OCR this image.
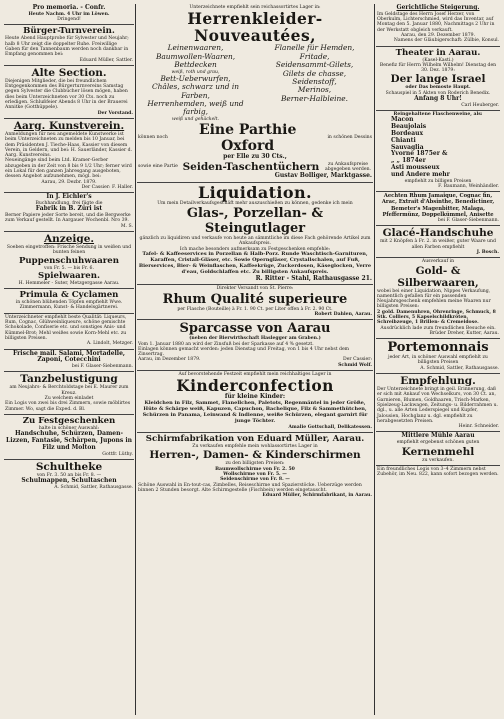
Pro memoria. - Confr.
Heute Nachm. 4 Uhr im Löwen.
Dringend!
Bürger-Turnverein.
Heute Abend Hauptprobe für Sylvester und Neujahr; halb 8 Uhr zeigt die doppelter Ruhe. Freiwillige Gaben für den Tannenbaum werden noch dankbar in Empfang genommen bei:
Eduard Müller, Sattler.
Alte Section.
Diejenigen Mitglieder, die bei freundlichem Entgegenkommen des Bürgerturnvereins Samstag gegen Sylvester die Clubbücher lösen mögen, haben dies beim Unterzeichneten vor 30 Cts. noch zu erledigen. Schlußfeier Abends 8 Uhr in der Brauerei Annitke (Gotthüppele).
Der Vorstand.
Aarg. Kunstverein.
Anmeldungen für neu angemeldete Kunstwerke ist beim Unterzeichneten zu melden bis 10 Januar, bei dem Präsidenten J. Tieche-Haas, Kassier von diesem Verein, in Geldern, und bei: H. Sauerländer, Kassier d. Aarg. Kunstvereins.
Neueingänge sind beim Ltd. Kramer-Gerber abzugeben in der Zeit von 8 bis 9 1/2 Uhr; ferner wird ein Lokal für den ganzen Jahresgang ausgeboten, dessen Angebot aufzunehmen, mögl. bei:
Aarau, 29. Dezbr. 1879.
Der Cassier: F. Haller.
In J. Eichler's
Buchhandlung, frei fügte die
Fabrik in B. Züri ist
Berner Papiere jeder Sorte bereit, und die Bergwerke zum Verkauf gestellt. In Aargauer Wochenbl. Nro 39.
M. S.
Anzeige.
Soeben eingetroffen: Frische Sendung in weißen und bunten feinen
Puppenschuhwaaren
von Fr. 5. — bis Fr. 6.
Spielwaaren.
H. Hemmeler - Suter, Metzgergasse Aarau.
Primula & Cyclamen
in schönen blühenden Töpfen empfiehlt Wwe. Zimmermann, Kunst- & Handelsgärtnerei.
Unterzeichneter empfiehlt beste Qualität: Liqueurs, Rum, Cognac, Glühweinliqueure, schöne gemischte Schokolade, Confiserie etc. und sonstiges Anis- und Kümmel-Brot; Mehl weißes sowie Korn-Mehl etc. zu billigsten Preisen.
A. Lindolt, Metzger.
Frische mail. Salami, Mortadelle, Zaponi, Cotecchini
bei F. Glaser-Siebenmann.
Tanzbelustigung
am Neujahrs- & Berchtoldstage bei E. Maurer zum Kreuz.
Zu welchem einladet
Ein Logis von zwei bis drei Zimmern, sowie möblirtes Zimmer. Wo, sagt die Exped. d. Bl.
Zu Festgeschenken
halte in schöner Auswahl:
Handschuhe, Schürzen, Damen-Lizzen, Fantasie, Schärpen, Jupons in Filz und Molton
Gottfr. Lüthy.
Schultheke
von Fr. 3. 50 an bis Fr. 8. —
Schulmappen, Schultaschen
A. Schmid, Sattler, Rathausgasse.
Unterzeichnete empfiehlt sein reichassortirtes Lager in:
Herrenkleider- Nouveautées,
Leinenwaaren,
Baumwollen-Waaren,
Bettdecken
weiß, roth und grau,
Bett-Ueberwurfen,
Châles, schwarz und in Farben,
Herrenhemden, weiß und farbig,
weiß und gehäckelt.
Flanelle für Hemden,
Fritade,
Seidensammt-Gilets,
Gilets de chasse,
Seidenstoff,
Merinos,
Berner-Halbleine.
können noch	Eine Parthie Oxford
in schönen Dessins
per Elle zu 30 Cts.,
sowie eine Partie Seiden-Taschentüchern	zu Ankaufspreise abgegeben werden.
Gustav Bolliger, Marktgasse.
Liquidation.
Um mein Detailverkaufsgeschäft mehr auszuschießen zu können, gedenke ich mein
Glas-, Porzellan- & Steingutlager
gänzlich zu liquidiren und verkaufe von heute an sämmtliche im diese Fach gehörende Artikel zum Ankaufspreis.
Ich mache besonders aufmerksam zu Festgeschenken empfehle:
Tafel- & Kaffeeservices in Porzellan & Halb-Porz. Runde Waschtisch-Garnituren, Karaffen, Cristall-Gläser, etc. Sowie Operngläser, Crystallschalen, auf Fuß, Bierservices, Bier- & Weinflaschen, Kaffeekrüge, Zuckerdosen, Käseglocken, Verre d'eau, Goldschlaffen etc. Zu billigsten Ankaufspreis.
R. Ritter - Stahl, Rathausgasse 21.
Direkter Versandt von St. Pierre:
Rhum Qualité superieure
per Flasche (Bouteille) à Fr. 1. 90 Ct. per Liter offen à Fr. 2. 90 Ct.
Robert Dahlen, Aarau.
Sparcasse von Aarau
(neben der Bierwirthschaft Haslegger am Graben.)
Vom 1. Januar 1880 an wird der Zinsfuß bei der Sparkasse auf 4 % gesetzt.
Einlagen können gemacht werden: jeden Dienstag und Freitag, von 1 bis 4 Uhr nebst dem Zinsertrag.
Aarau, im Dezember 1879.	Der Cassier:
Schmid Wolf.
Auf bevorstehende Festzeit empfiehlt mein reichhaltiges Lager in
Kinderconfection
für kleine Kinder:
Kleidchen in Filz, Sammet, Flanellchen, Paletots, Regenmäntel in jeder Größe, Hüte & Schärpe weiß, Kapuzen, Capuchon, Bachelique, Filz & Sammethütchen, Schürzen in Panama, Leinwand & Indienne, weiße Schürzen, elegant garnirt für junge Töchter.
Amalie Gottschall, Delikatessen.
Schirmfabrikation von Eduard Müller, Aarau.
Zu verkaufen empfehle mein wohlassortirtes Lager in
Herren-, Damen- & Kinderschirmen
zu den billigsten Preisen:
Baumwollschirme von Fr. 2. 50
Wollschirme von Fr. 5. —
Seidenschirme von Fr. 8. —
Schöne Auswahl in En-tout-cas, Zimbelles, Reiseschirme und Spazierstöcke. Ueberzüge werden binnen 2 Stunden besorgt. Alte Schirmgestelle (Fischbein) werden eingetauscht.
Eduard Müller, Schirmfabrikant, in Aarau.
Gerichtliche Steigerung.
Im Geldstage des Herrn Josef Herzer, von Oberkulm, Lichterschmied, wird das Inventar, auf Montag den 5. Januar 1880, Nachmittags 2 Uhr in der Werkstatt obgleich verkauft.
Aarau, den 29. Dezember 1879.
Namens der Gläubigerschaft: Zülbie, Konsul.
Theater in Aarau.
(Kasel-Kasti.)
Benefiz für Herrn Wilhelm Wilhelm! Dienstag den 30. Dez. 1879:
Der lange Israel
oder Das bemoste Haupt.
Schauspiel in 5 Akten von Roderich Benedix.
Anfang 8 Uhr!
Carl Heuberger.
Reingehaltene Flaschenweine, als:
Macon
Beaujolais
Bordeaux
Chianti
Sauvaglia
Yvorne 1875er &
„ „ 1874er
Asti mousseux
und Andere mehr
empfiehlt zu billigen Preisen
F. Baumann, Weinhändler.
Aechten Rhum Jamaique, Cognac fin, Arac, Extrait d'Absinthe, Benedictiner, Bemeter's Magenbitter, Malaga, Pfeffermünz, Doppelkümmel, Anisette
bei F. Glaser-Siebenmann.
Glacé-Handschuhe
mit 2 Knöpfen à Fr. 2. in weißer, guter Waare und allen Farben empfiehlt
J. Bosch.
Ausverkauf in
Gold- & Silberwaaren,
wobei bei einer Liquidation, Nippes Verkaufung, namentlich gefallen für ein passenden Neujahrsgeschenk empfehlen meine Waaren nur billigsten Preisen:
2 gold. Damenuhren, Ohrenringe, Schmuck, 8 Stk. Colliers, 5 Kapselschildkröten, Schreibzeuge, 1 Brillen- & Cremeidose.
Ausdrücklich lade zum freundlichen Besuche ein.
Brüder Dreher, Kutter, Aarau.
Portemonnais
jeder Art, in schöner Auswahl empfiehlt zu billigsten Preisen
A. Schmid, Sattler, Rathausgasse.
Empfehlung.
Der Unterzeichnete bringt in geil. Erinnerung, daß er sich mit Ankauf von Wechselkurs, von 30 Ct. an, Garnieren, Blumen, Goldhaaren, Trisch-Marken, Spielzeug-Lackwagen, Zeitungs- u. Bilderrahmen u. dgl., u. alle Arten Lederspiegel und Kupfer, Jalousien, Hochglanz u. dgl. empfiehlt zu herabgesetzten Preisen.
Heinr. Schneider.
Mittlere Mühle Aarau
empfiehlt ergebenst schönen guten
Kernenmehl
zu verkaufen.
Ein freundliches Logis von 3–4 Zimmern nebst Zubehör, im Neu. 822, kann sofort bezogen werden.
